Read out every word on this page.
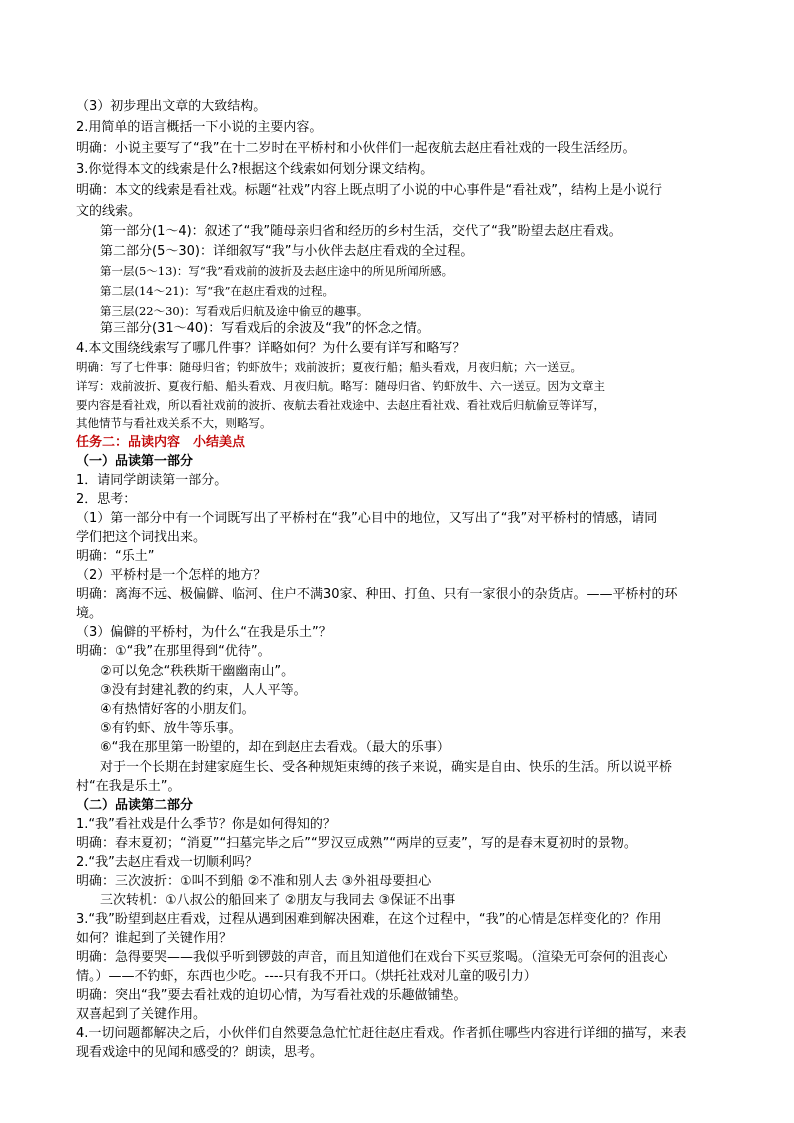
（3）初步理出文章的大致结构。
2.用简单的语言概括一下小说的主要内容。
明确：小说主要写了“我”在十二岁时在平桥村和小伙伴们一起夜航去赵庄看社戏的一段生活经历。
3.你觉得本文的线索是什么?根据这个线索如何划分课文结构。
明确：本文的线索是看社戏。标题“社戏”内容上既点明了小说的中心事件是“看社戏”，结构上是小说行
文的线索。
第一部分(1～4)：叙述了“我”随母亲归省和经历的乡村生活，交代了“我”盼望去赵庄看戏。
第二部分(5～30)：详细叙写“我”与小伙伴去赵庄看戏的全过程。
第一层(5～13)：写“我”看戏前的波折及去赵庄途中的所见所闻所感。
第二层(14～21)：写“我”在赵庄看戏的过程。
第三层(22～30)：写看戏后归航及途中偷豆的趣事。
第三部分(31～40)：写看戏后的余波及“我”的怀念之情。
4.本文围绕线索写了哪几件事？详略如何？为什么要有详写和略写？
明确：写了七件事：随母归省；钓虾放牛；戏前波折；夏夜行船；船头看戏，月夜归航；六一送豆。
详写：戏前波折、夏夜行船、船头看戏、月夜归航。略写：随母归省、钓虾放牛、六一送豆。因为文章主
要内容是看社戏，所以看社戏前的波折、夜航去看社戏途中、去赵庄看社戏、看社戏后归航偷豆等详写，
其他情节与看社戏关系不大，则略写。
任务二：品读内容　小结美点
（一）品读第一部分
1．请同学朗读第一部分。
2．思考：
（1）第一部分中有一个词既写出了平桥村在“我”心目中的地位，又写出了“我”对平桥村的情感，请同
学们把这个词找出来。
明确：“乐土”
（2）平桥村是一个怎样的地方？
明确：离海不远、极偏僻、临河、住户不满30家、种田、打鱼、只有一家很小的杂货店。——平桥村的环
境。
（3）偏僻的平桥村，为什么“在我是乐土”？
明确：①“我”在那里得到“优待”。
②可以免念“秩秩斯干幽幽南山”。
③没有封建礼教的约束，人人平等。
④有热情好客的小朋友们。
⑤有钓虾、放牛等乐事。
⑥“我在那里第一盼望的，却在到赵庄去看戏。（最大的乐事）
对于一个长期在封建家庭生长、受各种规矩束缚的孩子来说，确实是自由、快乐的生活。所以说平桥
村“在我是乐土”。
（二）品读第二部分
1.“我”看社戏是什么季节？你是如何得知的？
明确：春末夏初；“消夏”“扫墓完毕之后”“罗汉豆成熟”“两岸的豆麦”，写的是春末夏初时的景物。
2.“我”去赵庄看戏一切顺利吗？
明确：三次波折：①叫不到船 ②不准和别人去 ③外祖母要担心
三次转机：①八叔公的船回来了 ②朋友与我同去 ③保证不出事
3.“我”盼望到赵庄看戏，过程从遇到困难到解决困难，在这个过程中，“我”的心情是怎样变化的？作用
如何？谁起到了关键作用？
明确：急得要哭——我似乎听到锣鼓的声音，而且知道他们在戏台下买豆浆喝。（渲染无可奈何的沮丧心
情。）——不钓虾，东西也少吃。----只有我不开口。（烘托社戏对儿童的吸引力）
明确：突出“我”要去看社戏的迫切心情，为写看社戏的乐趣做铺垫。
双喜起到了关键作用。
4.一切问题都解决之后，小伙伴们自然要急急忙忙赶往赵庄看戏。作者抓住哪些内容进行详细的描写，来表
现看戏途中的见闻和感受的？朗读，思考。
